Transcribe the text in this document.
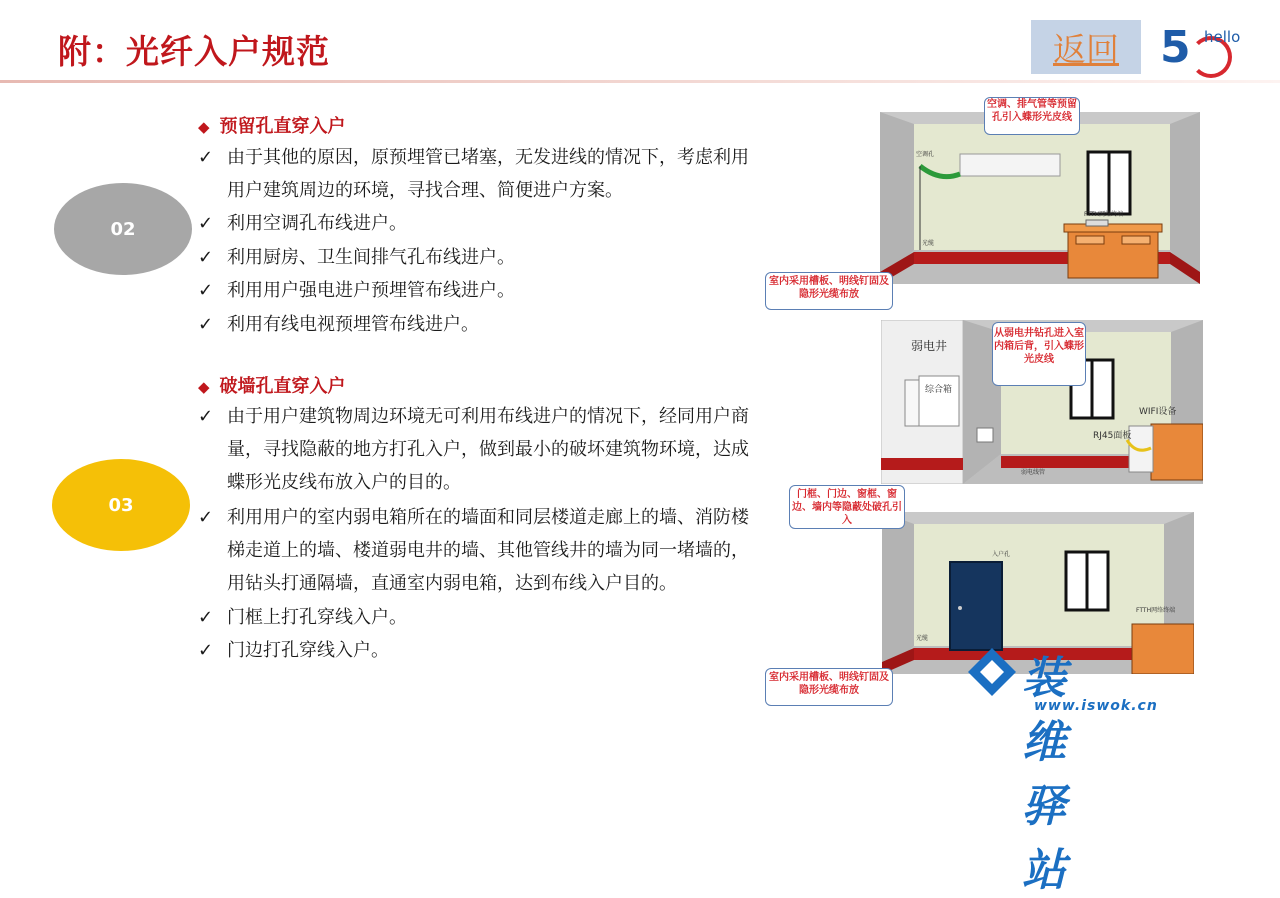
附：光纤入户规范	返回 5 hello
02
◆ 预留孔直穿入户
✓ 由于其他的原因，原预埋管已堵塞，无发进线的情况下，考虑利用用户建筑周边的环境，寻找合理、简便进户方案。
✓ 利用空调孔布线进户。
✓ 利用厨房、卫生间排气孔布线进户。
✓ 利用用户强电进户预埋管布线进户。
✓ 利用有线电视预埋管布线进户。
03
◆ 破墙孔直穿入户
✓ 由于用户建筑物周边环境无可利用布线进户的情况下，经同用户商量，寻找隐蔽的地方打孔入户，做到最小的破坏建筑物环境，达成蝶形光皮线布放入户的目的。
✓ 利用用户的室内弱电箱所在的墙面和同层楼道走廊上的墙、消防楼梯走道上的墙、楼道弱电井的墙、其他管线井的墙为同一堵墙的，用钻头打通隔墙，直通室内弱电箱，达到布线入户目的。
✓ 门框上打孔穿线入户。
✓ 门边打孔穿线入户。
空调孔
光缆
FTTH网络终端
空调、排气管等预留孔引入蝶形光皮线
室内采用槽板、明线钉固及隐形光缆布放
弱电井
综合箱
WIFI设备
RJ45面板
弱电线管
从弱电井钻孔进入室内箱后背，引入蝶形光皮线
入户孔
FTTH网络终端
光缆
门框、门边、窗框、窗边、墙内等隐蔽处破孔引入
室内采用槽板、明线钉固及隐形光缆布放	装维驿站
www.iswok.cn
